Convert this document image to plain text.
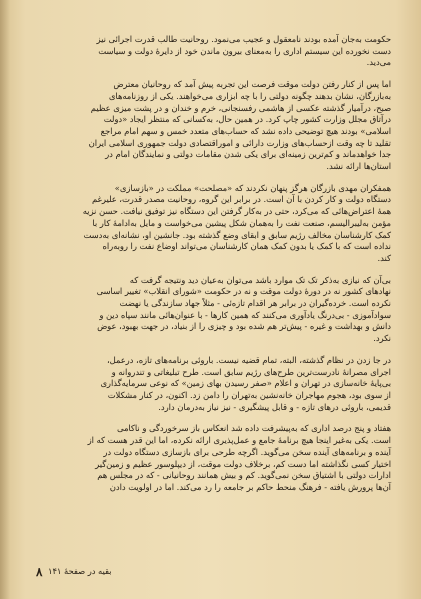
حکومت به‌جان آمده بودند نامعقول و عجیب می‌نمود. روحانیت طالب قدرت اجرائی نیز

دست نخورده این سیستم اداری را به‌معنای بیرون ماندن خود از دایرهٔ دولت و سیاست

می‌دید.

اما پس از کنار رفتن دولت موقت فرصت این تجربه پیش آمد که روحانیان معترض

به‌بازرگان، نشان بدهند چگونه دولتی را با چه ابزاری می‌خواهند. یکی از روزنامه‌های

صبح، درآمیار گذشته عکسی از هاشمی رفسنجانی، خرم و خندان و در پشت میزی عظیم

درآتاق مجلل وزارت کشور چاپ کرد. در همین حال، به‌کسانی که منتظر ایجاد «دولت

اسلامی» بودند هیچ توضیحی داده نشد که حساب‌های متعدد خمس و سهم امام مراجع

تقلید تا چه وقت ازحساب‌های وزارت دارائی و اموراقتصادی دولت جمهوری اسلامی ایران

جدا خواهدماند و کم‌ترین زمینه‌ای برای یکی شدن مقامات دولتی و نمایندگان امام در

استان‌ها ارائه نشد.

همفکران مهدی بازرگان هرگز پنهان نکردند که «مصلحت» مملکت در «بازسازی»

دستگاه دولت و کار کردن با آن است. در برابر این گروه، روحانیت مصدر قدرت، علیرغم

همهٔ اعتراض‌هائی که می‌کرد، حتی در به‌کار گرفتن این دستگاه نیز توفیق نیافت. حسن نزیه

مؤمن به‌لیبرالیسم، صنعت نفت را به‌همان شکل پیشین می‌خواست و مایل به‌ادامهٔ کار با

کمک کارشناسان مخالف رژیم سابق و ابقای وضع گذشته بود. جانشین او، نشانه‌ای به‌دست

نداده است که با کمک یا بدون کمک همان کارشناسان می‌تواند اوضاع نفت را روبه‌راه

کند.

بی‌آن که نیازی به‌ذکر تک تک موارد باشد می‌توان به‌عیان دید ونتیجه گرفت که

نهادهای کشور نه در دورهٔ دولت موقت و نه در حکومت «شورای انقلاب» تغییر اساسی

نکرده است. خرده‌گیران در برابر هر اقدام تازه‌ئی - مثلاً جهاد سازندگی یا نهضت

سوادآموزی - بی‌درنگ یادآوری می‌کنند که همین کارها - با عنوان‌هائی مانند سپاه دین و

دانش و بهداشت و غیره - پیش‌تر هم شده بود و چیزی را از بنیاد، در جهت بهبود، عوض

نکرد.

در جا زدن در نظام گذشته، البته، تمام قضیه نیست. باروئی برنامه‌های تازه، درعمل،

اجرای مصرانهٔ نادرست‌ترین طرح‌های رژیم سابق است. طرح تبلیغاتی و تندروانه و

بی‌پایهٔ خانه‌سازی در تهران و اعلام «صفر رسیدن بهای زمین» که نوعی سرمایه‌گذاری

از سوی بود، هجوم مهاجران خانه‌نشین به‌تهران را دامن زد. اکنون، در کنار مشکلات

قدیمی، باروئی درهای تازه - و قابل پیشگیری - نیز نیاز به‌درمان دارد.

هفتاد و پنج درصد اداری که به‌پیشرفت داده شد انعکاس باز سرخوردگی و ناکامی

است. یکی به‌غیر اینجا هیچ برنامهٔ جامع و عمل‌پذیری ارائه نکرده، اما این قدر هست که از

آینده و برنامه‌های آینده سخن می‌گوید. اگرچه طرحی برای بازسازی دستگاه دولت در

اختیار کسی نگذاشته اما دست کم، برخلاف دولت موقت، از دیپلوسور عظیم و زمین‌گیر

ادارات دولتی با اشتیاق سخن نمی‌گوید. کم و بیش همانند روحانیانی - که در مجلس هم

آن‌ها پرورش یافته - فرهنگ منحط حاکم بر جامعه را رد می‌کند. اما در اولویت دادن

۸ بقیه در صفحهٔ ۱۴۱
